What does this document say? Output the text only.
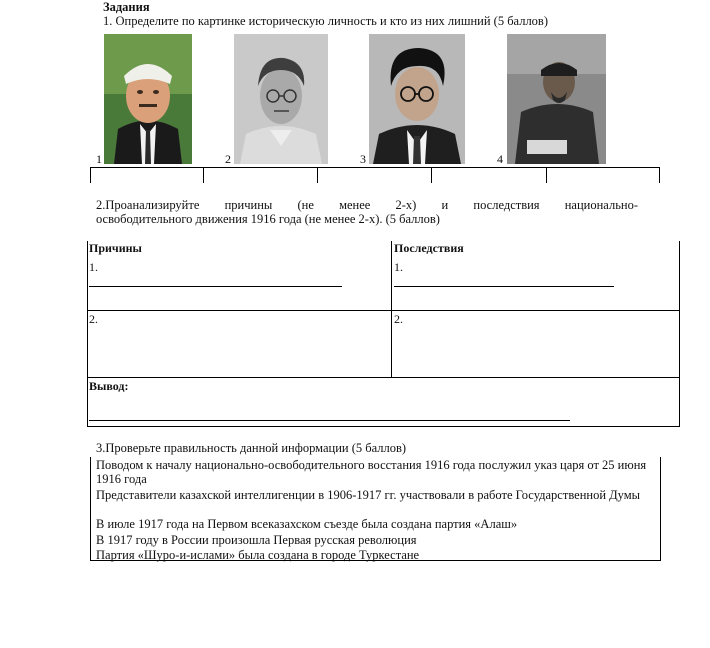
Задания
1. Определите по картинке историческую личность и кто из них лишний (5 баллов)
1	2	3	4
2.Проанализируйте причины (не менее 2-х) и последствия национально-
освободительного движения 1916 года (не менее 2-х). (5 баллов)
Причины	Последствия
1.	1.
2.	2.
Вывод:
3.Проверьте правильность данной информации (5 баллов)
Поводом к началу национально-освободительного восстания 1916 года послужил указ царя от 25 июня 1916 года
Представители казахской интеллигенции в 1906-1917 гг. участвовали в работе Государственной Думы
В июле 1917 года на Первом всеказахском съезде была создана партия «Алаш»
В 1917 году в России произошла Первая русская революция
Партия «Шуро-и-ислами» была создана в городе Туркестане
